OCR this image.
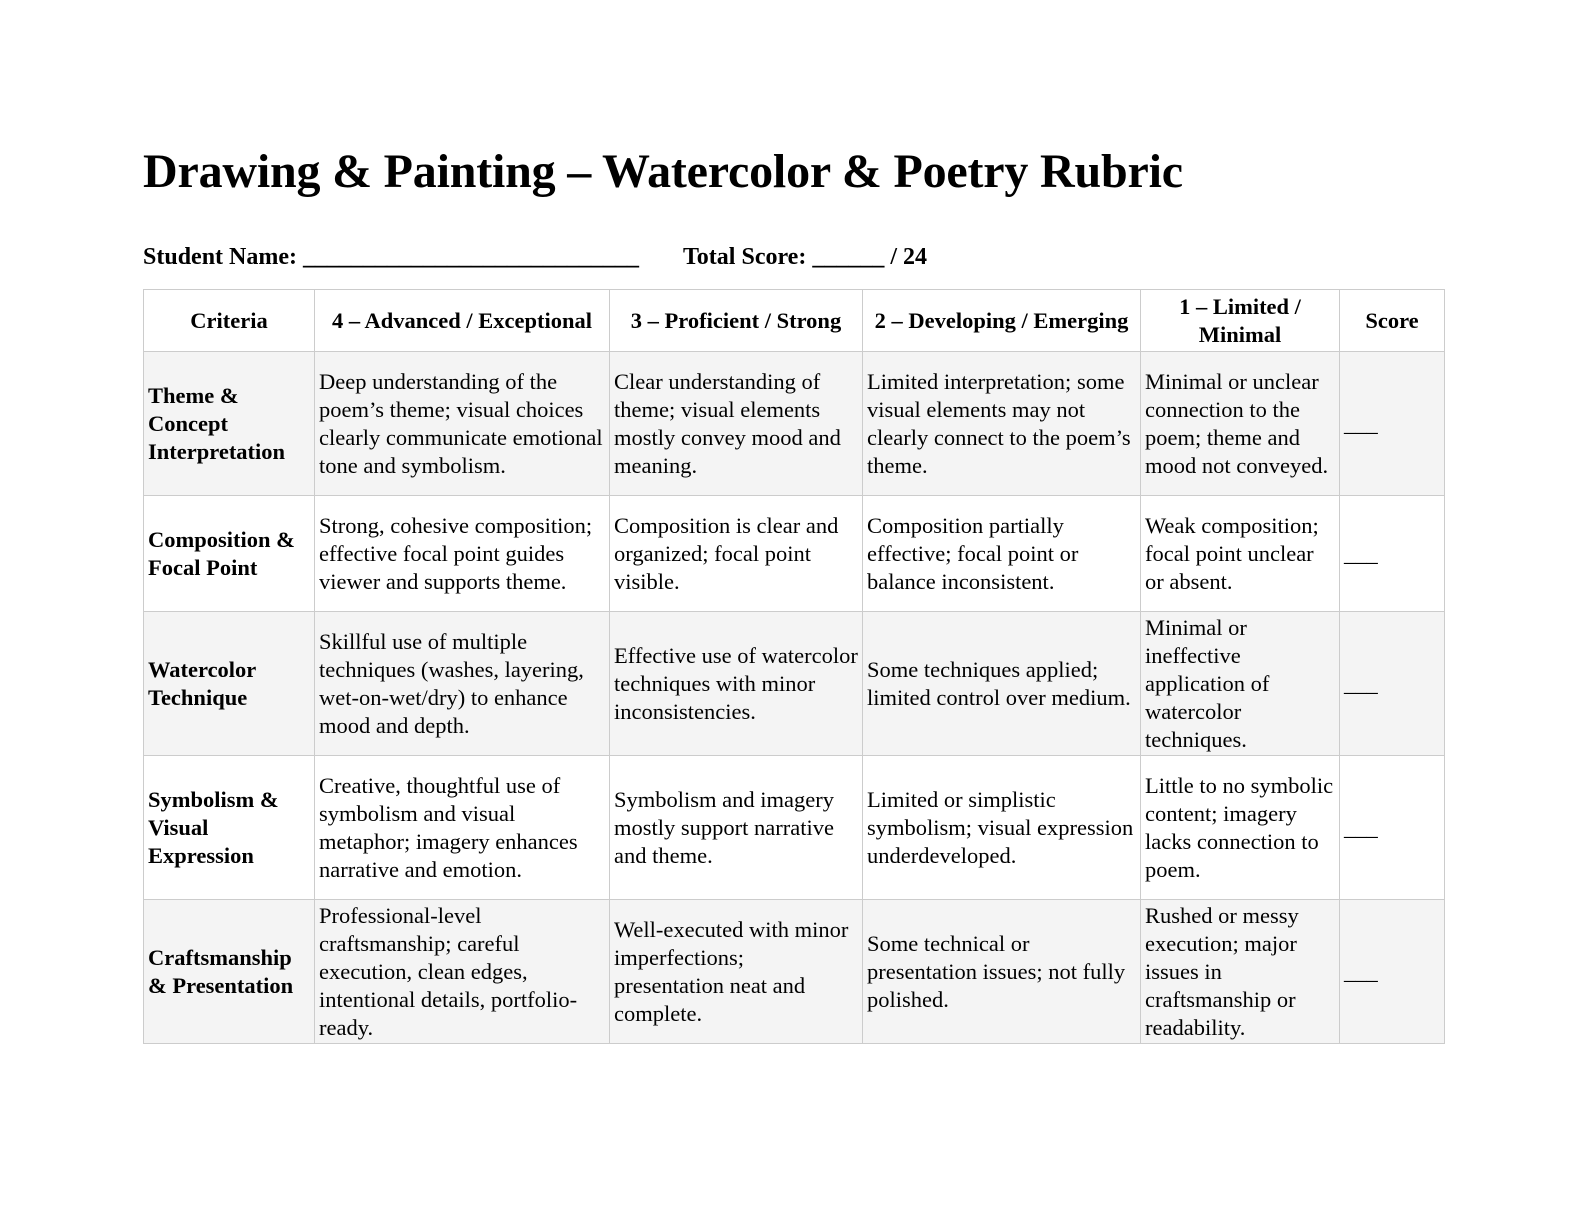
Drawing & Painting – Watercolor & Poetry Rubric
Student Name: ____________________________ Total Score: ______ / 24
Criteria	4 – Advanced / Exceptional	3 – Proficient / Strong	2 – Developing / Emerging	1 – Limited / Minimal	Score
Theme & Concept Interpretation	Deep understanding of the poem’s theme; visual choices clearly communicate emotional tone and symbolism.	Clear understanding of theme; visual elements mostly convey mood and meaning.	Limited interpretation; some visual elements may not clearly connect to the poem’s theme.	Minimal or unclear connection to the poem; theme and mood not conveyed.	___
Composition & Focal Point	Strong, cohesive composition; effective focal point guides viewer and supports theme.	Composition is clear and organized; focal point visible.	Composition partially effective; focal point or balance inconsistent.	Weak composition; focal point unclear or absent.	___
Watercolor Technique	Skillful use of multiple techniques (washes, layering, wet-on-wet/dry) to enhance mood and depth.	Effective use of watercolor techniques with minor inconsistencies.	Some techniques applied; limited control over medium.	Minimal or ineffective application of watercolor techniques.	___
Symbolism & Visual Expression	Creative, thoughtful use of symbolism and visual metaphor; imagery enhances narrative and emotion.	Symbolism and imagery mostly support narrative and theme.	Limited or simplistic symbolism; visual expression underdeveloped.	Little to no symbolic content; imagery lacks connection to poem.	___
Craftsmanship & Presentation	Professional-level craftsmanship; careful execution, clean edges, intentional details, portfolio-ready.	Well-executed with minor imperfections; presentation neat and complete.	Some technical or presentation issues; not fully polished.	Rushed or messy execution; major issues in craftsmanship or readability.	___
